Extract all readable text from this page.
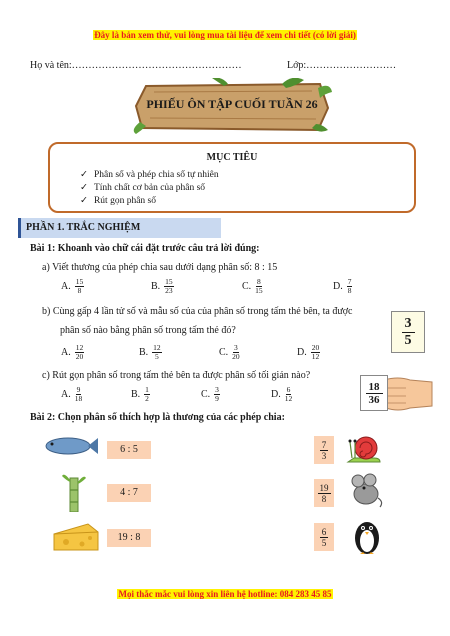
Đây là bản xem thử, vui lòng mua tài liệu để xem chi tiết (có lời giải)
Họ và tên:……………………………………………	Lớp:………………………
PHIẾU ÔN TẬP CUỐI TUẦN 26
MỤC TIÊU
✓ Phân số và phép chia số tự nhiên
✓ Tính chất cơ bản của phân số
✓ Rút gọn phân số
PHẦN 1. TRẮC NGHIỆM
Bài 1: Khoanh vào chữ cái đặt trước câu trả lời đúng:
a) Viết thương của phép chia sau dưới dạng phân số: 8 : 15
A. $\frac{15}{8}$	B. $\frac{15}{23}$	C. $\frac{8}{15}$	D. $\frac{7}{8}$
b) Cùng gấp 4 lần tử số và mẫu số của của phân số trong tấm thẻ bên, ta được
phân số nào bằng phân số trong tấm thẻ đó?	3
5
A. $\frac{12}{20}$	B. $\frac{12}{5}$	C. $\frac{3}{20}$	D. $\frac{20}{12}$
c) Rút gọn phân số trong tấm thẻ bên ta được phân số tối giản nào?
18
36
A. $\frac{9}{18}$	B. $\frac{1}{2}$	C. $\frac{3}{9}$	D. $\frac{6}{12}$
Bài 2: Chọn phân số thích hợp là thương của các phép chia:
6 : 5
4 : 7
19 : 8
7
3
19
8
6
5
Mọi thắc mắc vui lòng xin liên hệ hotline: 084 283 45 85
